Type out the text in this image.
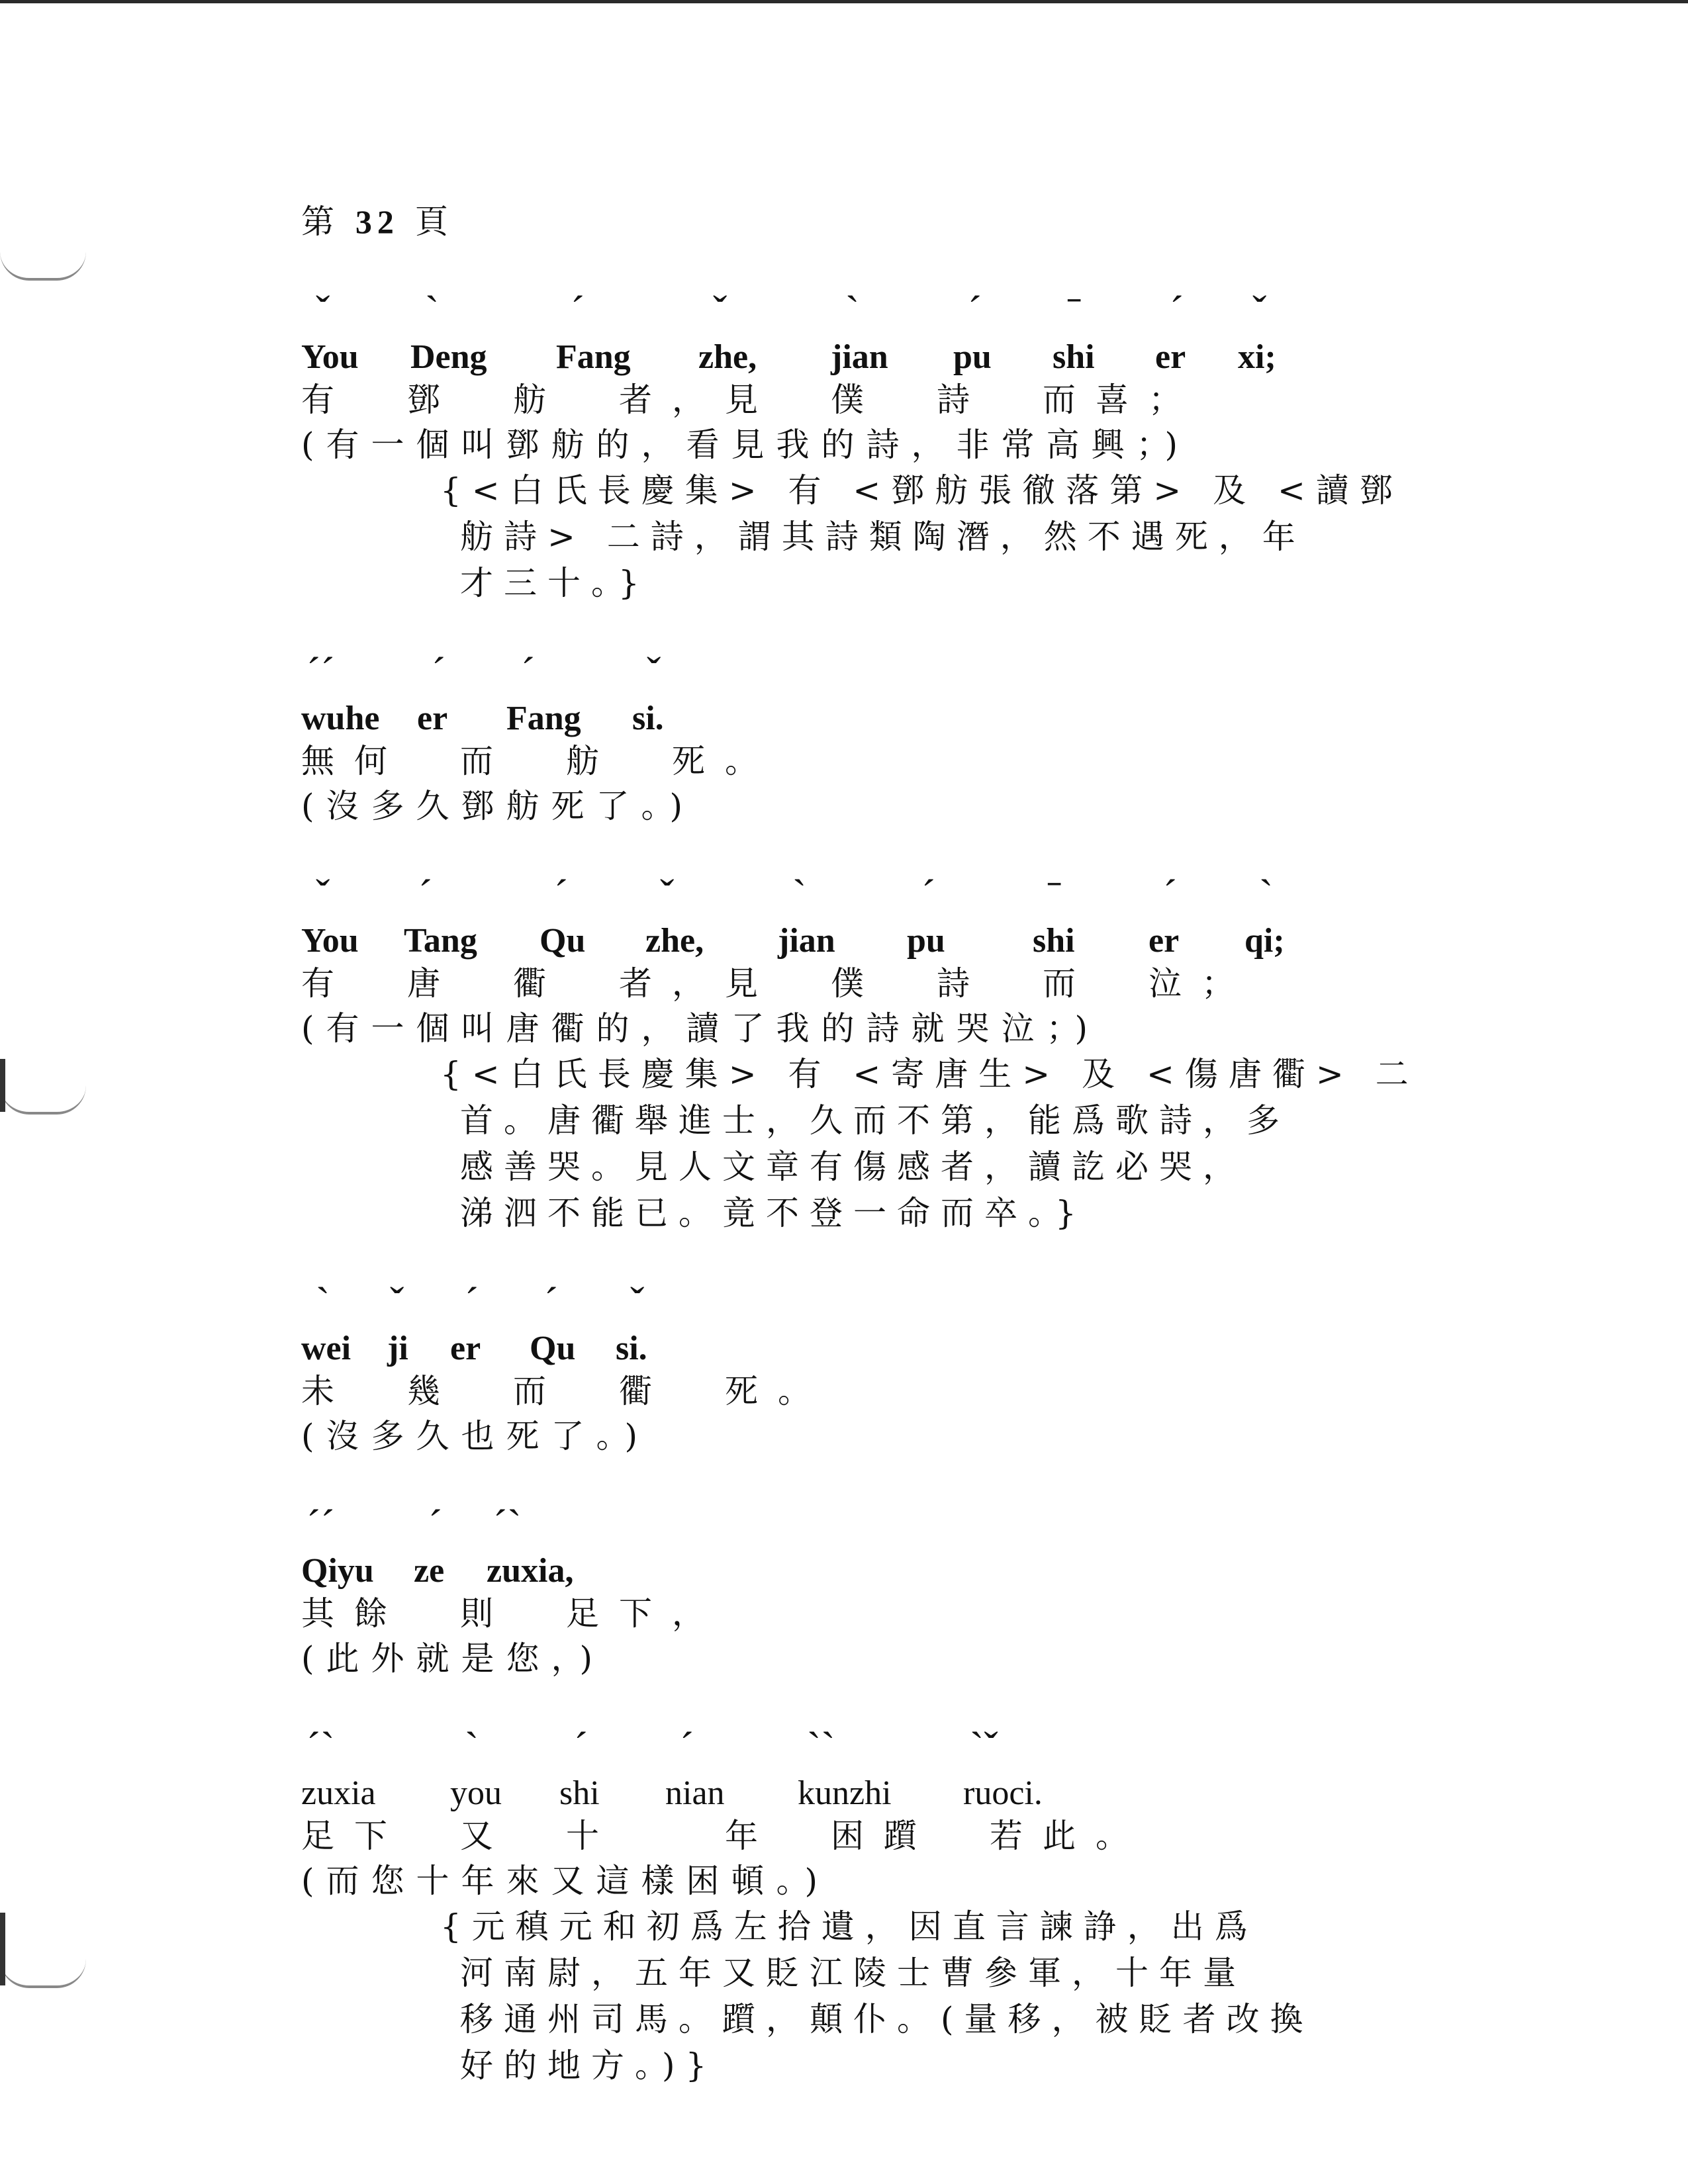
第 32 頁
ˇ
You
ˋ
Deng
ˊ
Fang
ˇ
zhe,
ˋ
jian
ˊ
pu
ˉ
shi
ˊ
er
ˇ
xi;
有　鄧　舫　者，見　僕　詩　而喜；
(有一個叫鄧舫的，看見我的詩，非常高興；)
{<白氏長慶集> 有 <鄧舫張徹落第> 及 <讀鄧
舫詩> 二詩，謂其詩類陶潛，然不遇死，年
才三十。}
ˊˊ
wuhe
ˊ
er
ˊ
Fang
ˇ
si.
無何　而　舫　死。
(沒多久鄧舫死了。)
ˇ
You
ˊ
Tang
ˊ
Qu
ˇ
zhe,
ˋ
jian
ˊ
pu
ˉ
shi
ˊ
er
ˋ
qi;
有　唐　衢　者，見　僕　詩　而　泣；
(有一個叫唐衢的，讀了我的詩就哭泣；)
{<白氏長慶集> 有 <寄唐生> 及 <傷唐衢> 二
首。唐衢舉進士，久而不第，能爲歌詩，多
感善哭。見人文章有傷感者，讀訖必哭，
涕泗不能已。竟不登一命而卒。}
ˋ
wei
ˇ
ji
ˊ
er
ˊ
Qu
ˇ
si.
未　幾　而　衢　死。
(沒多久也死了。)
ˊˊ
Qiyu
ˊ
ze
ˊˋ
zuxia,
其餘　則　足下，
(此外就是您，)
ˊˋ
zuxia
ˋ
you
ˊ
shi
ˊ
nian
ˋˋ
kunzhi
ˋˇ
ruoci.
足下　又　十　　年　困躓　若此。
(而您十年來又這樣困頓。)
{元稹元和初爲左拾遺，因直言諫諍，出爲
河南尉，五年又貶江陵士曹參軍，十年量
移通州司馬。躓，顛仆。(量移，被貶者改換
好的地方。)}
